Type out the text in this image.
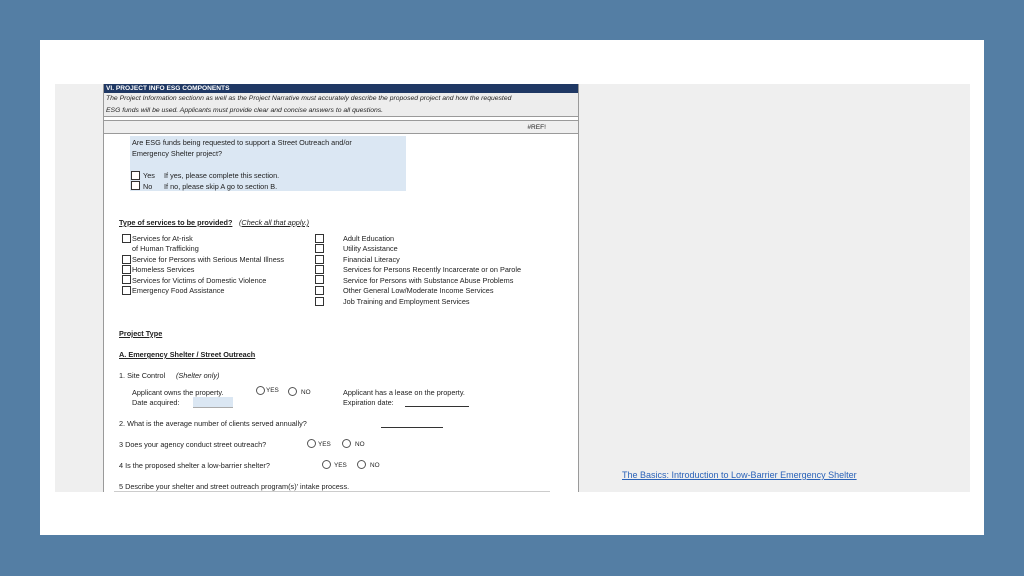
VI. PROJECT INFO ESG COMPONENTS
The Project Information sectionn as well as the Project Narrative must accurately describe the proposed project and how the requested
ESG funds will be used. Applicants must provide clear and concise answers to all questions.
#REF!
Are ESG funds being requested to support a Street Outreach and/or
Emergency Shelter project?
Yes If yes, please complete this section.
No If no, please skip A go to section B.
Type of services to be provided? (Check all that apply.)
Services for At-risk
of Human Trafficking
Service for Persons with Serious Mental Illness
Homeless Services
Services for Victims of Domestic Violence
Emergency Food Assistance
Adult Education
Utility Assistance
Financial Literacy
Services for Persons Recently Incarcerate or on Parole
Service for Persons with Substance Abuse Problems
Other General Low/Moderate Income Services
Job Training and Employment Services
Project Type
A. Emergency Shelter / Street Outreach
1. Site Control (Shelter only)
Applicant owns the property.	YES	NO	Applicant has a lease on the property.
Date acquired:	Expiration date:
2. What is the average number of clients served annually?
3 Does your agency conduct street outreach?	YES	NO
4 Is the proposed shelter a low-barrier shelter?	YES	NO
5 Describe your shelter and street outreach program(s)' intake process.
The Basics: Introduction to Low-Barrier Emergency Shelter
